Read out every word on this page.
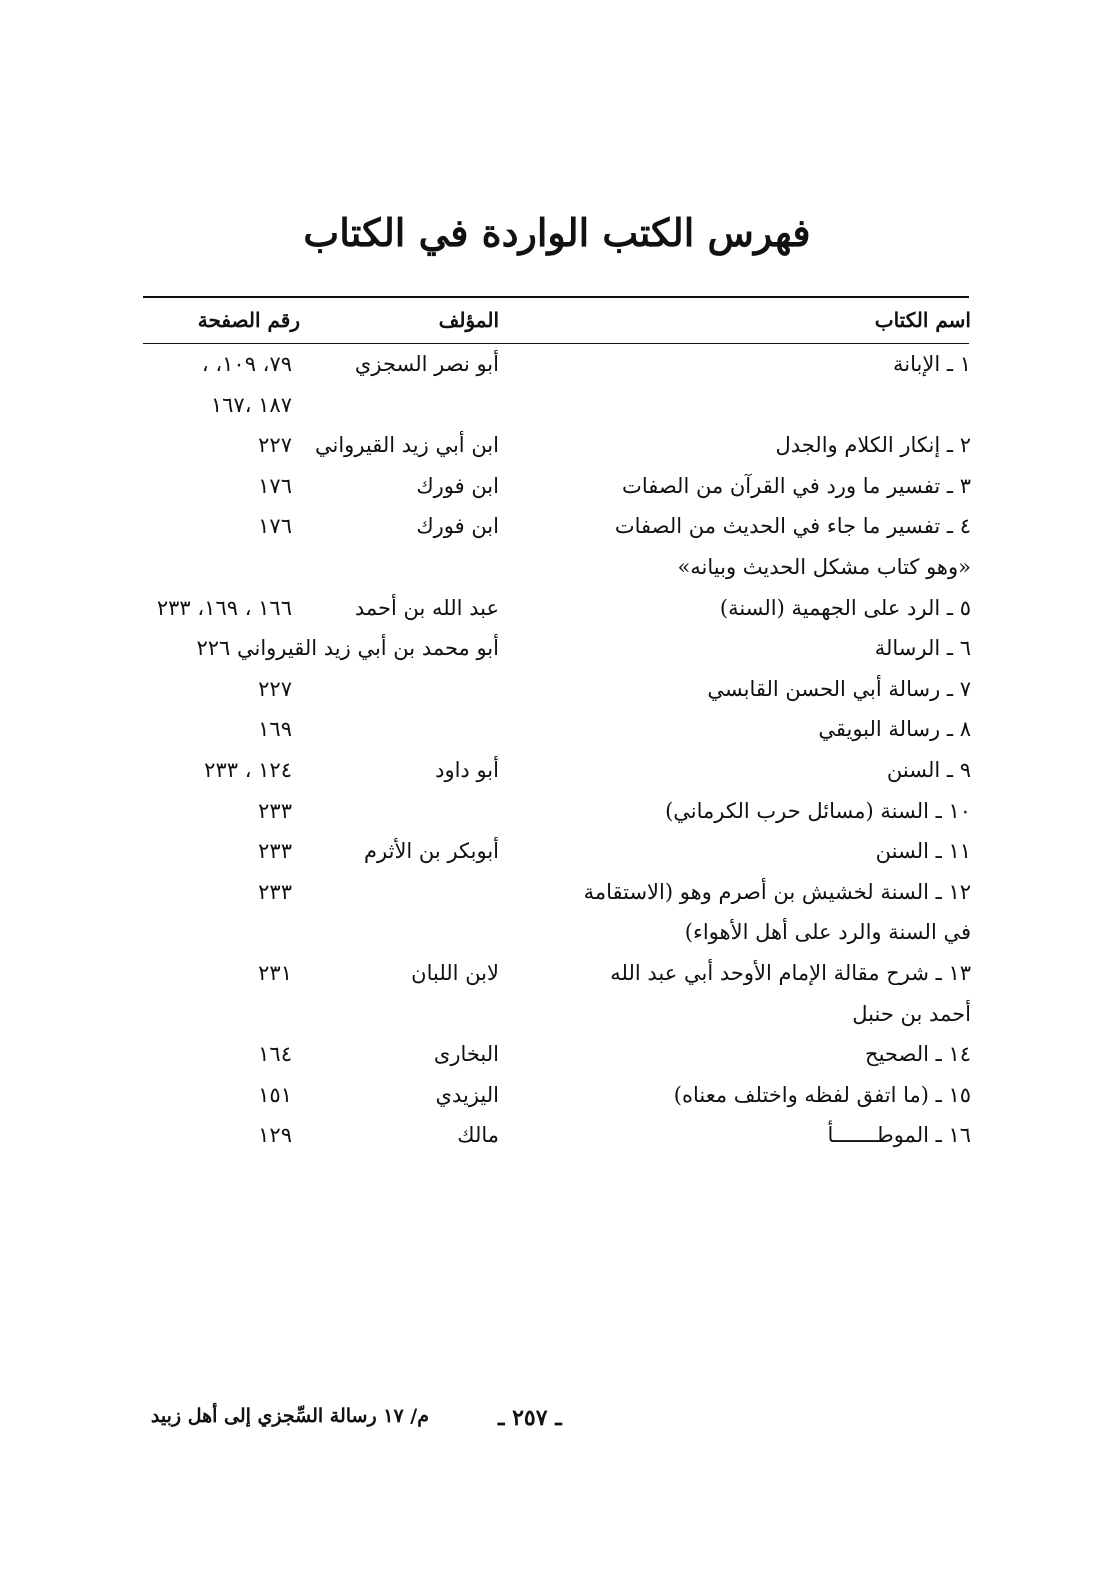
فهرس الكتب الواردة في الكتاب
اسم الكتاب
المؤلف
رقم الصفحة
١ ـ الإبانة
أبو نصر السجزي
٧٩، ١٠٩، ،
١٨٧ ،١٦٧
٢ ـ إنكار الكلام والجدل
ابن أبي زيد القيرواني
٢٢٧
٣ ـ تفسير ما ورد في القرآن من الصفات
ابن فورك
١٧٦
٤ ـ تفسير ما جاء في الحديث من الصفات
ابن فورك
١٧٦
«وهو كتاب مشكل الحديث وبيانه»
٥ ـ الرد على الجهمية (السنة)
عبد الله بن أحمد
١٦٦ ، ١٦٩، ٢٣٣
٦ ـ الرسالة
أبو محمد بن أبي زيد القيرواني ٢٢٦
٧ ـ رسالة أبي الحسن القابسي
٢٢٧
٨ ـ رسالة البويقي
١٦٩
٩ ـ السنن
أبو داود
١٢٤ ، ٢٣٣
١٠ ـ السنة (مسائل حرب الكرماني)
٢٣٣
١١ ـ السنن
أبوبكر بن الأثرم
٢٣٣
١٢ ـ السنة لخشيش بن أصرم وهو (الاستقامة
٢٣٣
في السنة والرد على أهل الأهواء)
١٣ ـ شرح مقالة الإمام الأوحد أبي عبد الله
لابن اللبان
٢٣١
أحمد بن حنبل
١٤ ـ الصحيح
البخارى
١٦٤
١٥ ـ (ما اتفق لفظه واختلف معناه)
اليزيدي
١٥١
١٦ ـ الموطـــــــأ
مالك
١٢٩
م/ ١٧ رسالة السِّجزي إلى أهل زبيد	ـ ٢٥٧ ـ
